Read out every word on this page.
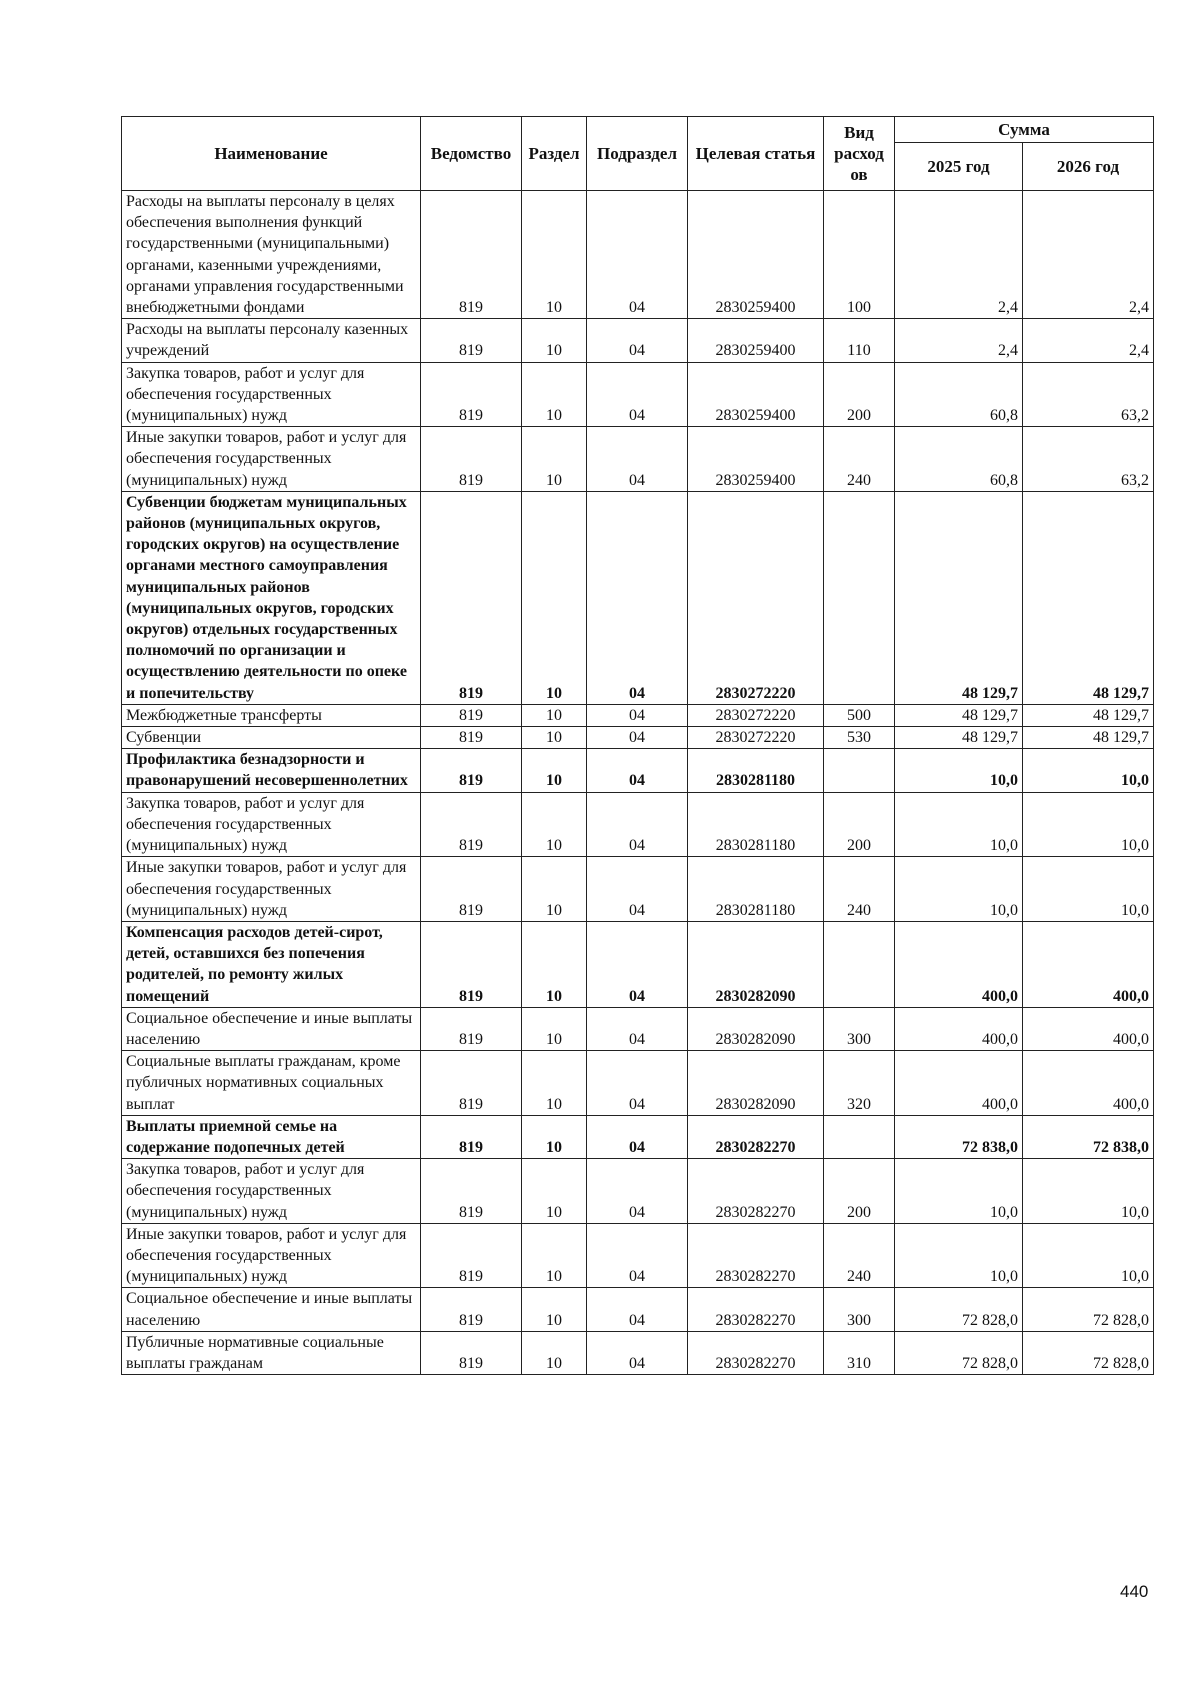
Наименование	Ведомство	Раздел	Подраздел	Целевая статья	Вид расход ов	Сумма	
						2025 год	2026 год
Расходы на выплаты персоналу в целях обеспечения выполнения функций государственными (муниципальными) органами, казенными учреждениями, органами управления государственными внебюджетными фондами	819	10	04	2830259400	100	2,4	2,4
Расходы на выплаты персоналу казенных учреждений	819	10	04	2830259400	110	2,4	2,4
Закупка товаров, работ и услуг для обеспечения государственных (муниципальных) нужд	819	10	04	2830259400	200	60,8	63,2
Иные закупки товаров, работ и услуг для обеспечения государственных (муниципальных) нужд	819	10	04	2830259400	240	60,8	63,2
Субвенции бюджетам муниципальных районов (муниципальных округов, городских округов) на осуществление органами местного самоуправления муниципальных районов (муниципальных округов, городских округов) отдельных государственных полномочий по организации и осуществлению деятельности по опеке и попечительству	819	10	04	2830272220		48 129,7	48 129,7
Межбюджетные трансферты	819	10	04	2830272220	500	48 129,7	48 129,7
Субвенции	819	10	04	2830272220	530	48 129,7	48 129,7
Профилактика безнадзорности и правонарушений несовершеннолетних	819	10	04	2830281180		10,0	10,0
Закупка товаров, работ и услуг для обеспечения государственных (муниципальных) нужд	819	10	04	2830281180	200	10,0	10,0
Иные закупки товаров, работ и услуг для обеспечения государственных (муниципальных) нужд	819	10	04	2830281180	240	10,0	10,0
Компенсация расходов детей-сирот, детей, оставшихся без попечения родителей, по ремонту жилых помещений	819	10	04	2830282090		400,0	400,0
Социальное обеспечение и иные выплаты населению	819	10	04	2830282090	300	400,0	400,0
Социальные выплаты гражданам, кроме публичных нормативных социальных выплат	819	10	04	2830282090	320	400,0	400,0
Выплаты приемной семье на содержание подопечных детей	819	10	04	2830282270		72 838,0	72 838,0
Закупка товаров, работ и услуг для обеспечения государственных (муниципальных) нужд	819	10	04	2830282270	200	10,0	10,0
Иные закупки товаров, работ и услуг для обеспечения государственных (муниципальных) нужд	819	10	04	2830282270	240	10,0	10,0
Социальное обеспечение и иные выплаты населению	819	10	04	2830282270	300	72 828,0	72 828,0
Публичные нормативные социальные выплаты гражданам	819	10	04	2830282270	310	72 828,0	72 828,0
440
